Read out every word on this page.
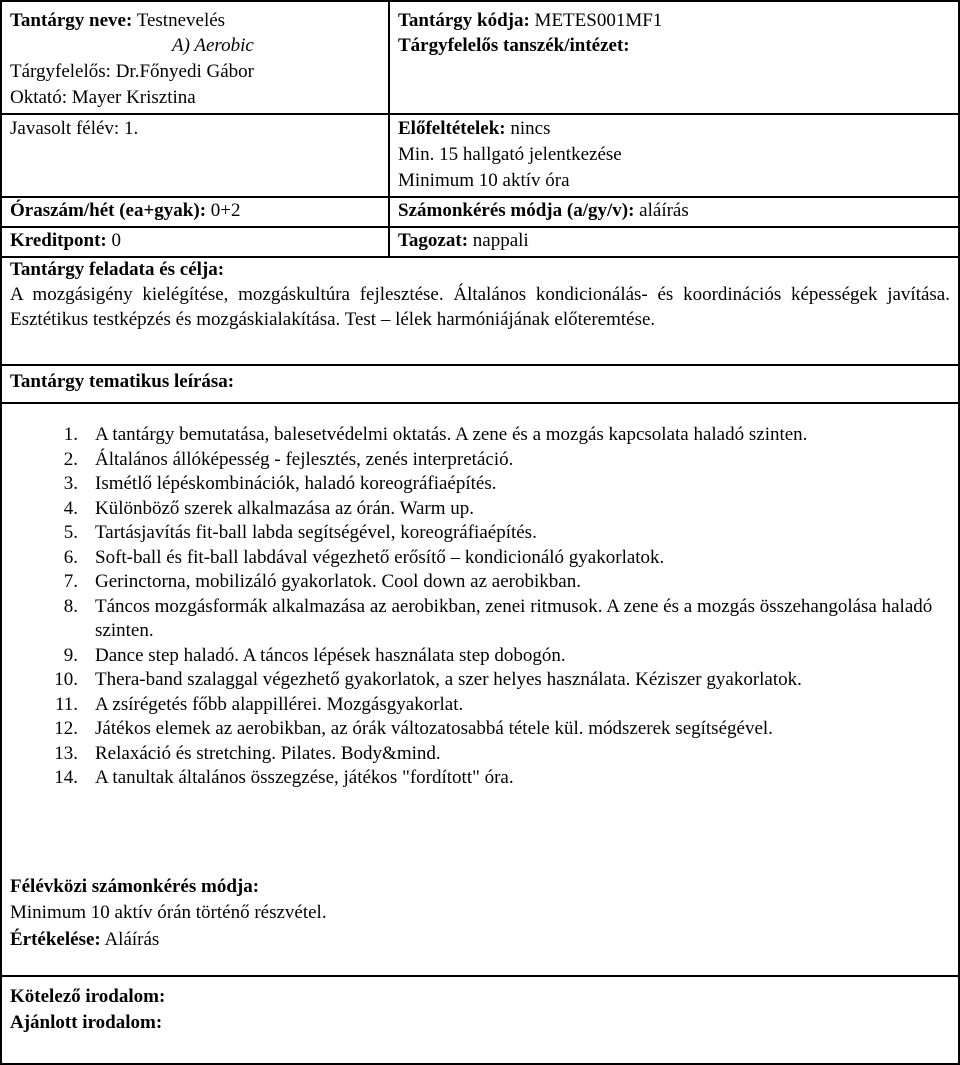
Tantárgy neve: Testnevelés
A) Aerobic
Tárgyfelelős: Dr.Főnyedi Gábor
Oktató: Mayer Krisztina
Javasolt félév: 1.
Óraszám/hét (ea+gyak): 0+2
Kreditpont: 0
Tantárgy kódja: METES001MF1
Tárgyfelelős tanszék/intézet:
Előfeltételek: nincs
Min. 15 hallgató jelentkezése
Minimum 10 aktív óra
Számonkérés módja (a/gy/v): aláírás
Tagozat: nappali
Tantárgy feladata és célja:
A mozgásigény kielégítése, mozgáskultúra fejlesztése. Általános kondicionálás- és koordinációs képességek javítása. Esztétikus testképzés és mozgáskialakítása. Test – lélek harmóniájának előteremtése.
Tantárgy tematikus leírása:
1. A tantárgy bemutatása, balesetvédelmi oktatás. A zene és a mozgás kapcsolata haladó szinten.
2. Általános állóképesség - fejlesztés, zenés interpretáció.
3. Ismétlő lépéskombinációk, haladó koreográfiaépítés.
4. Különböző szerek alkalmazása az órán. Warm up.
5. Tartásjavítás fit-ball labda segítségével, koreográfiaépítés.
6. Soft-ball és fit-ball labdával végezhető erősítő – kondicionáló gyakorlatok.
7. Gerinctorna, mobilizáló gyakorlatok. Cool down az aerobikban.
8. Táncos mozgásformák alkalmazása az aerobikban, zenei ritmusok. A zene és a mozgás összehangolása haladó szinten.
9. Dance step haladó. A táncos lépések használata step dobogón.
10. Thera-band szalaggal végezhető gyakorlatok, a szer helyes használata. Kéziszer gyakorlatok.
11. A zsírégetés főbb alappillérei. Mozgásgyakorlat.
12. Játékos elemek az aerobikban, az órák változatosabbá tétele kül. módszerek segítségével.
13. Relaxáció és stretching. Pilates. Body&mind.
14. A tanultak általános összegzése, játékos "fordított" óra.
Félévközi számonkérés módja:
Minimum 10 aktív órán történő részvétel.
Értékelése: Aláírás
Kötelező irodalom:
Ajánlott irodalom:
